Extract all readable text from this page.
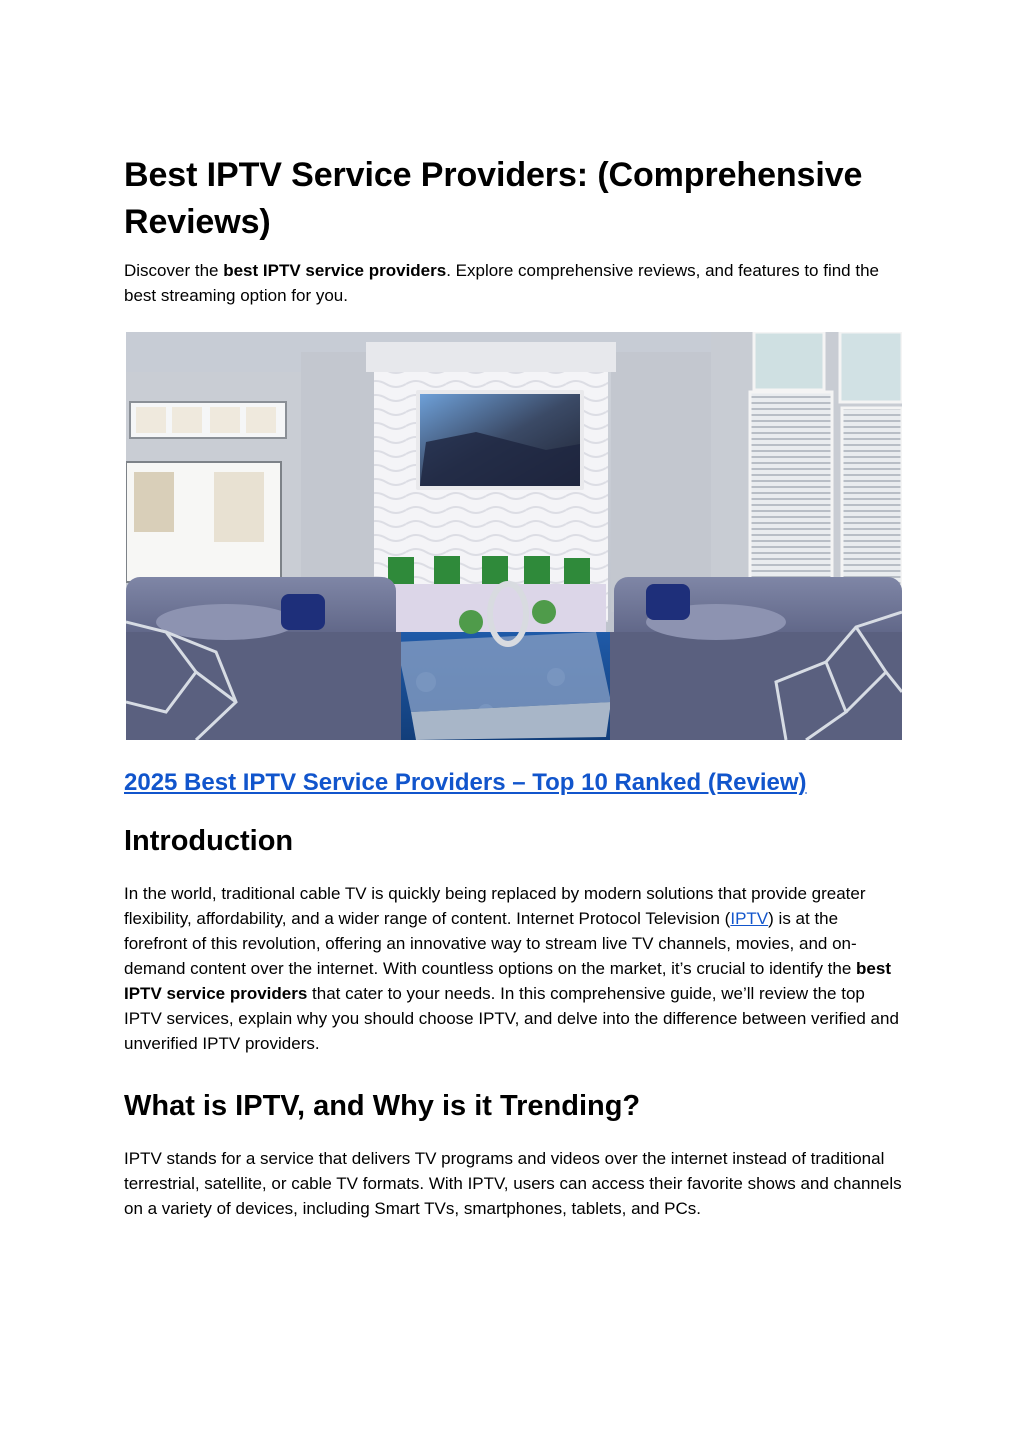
Best IPTV Service Providers: (Comprehensive Reviews)

Discover the best IPTV service providers. Explore comprehensive reviews, and features to find the best streaming option for you.

2025 Best IPTV Service Providers – Top 10 Ranked (Review)
Introduction

In the world, traditional cable TV is quickly being replaced by modern solutions that provide greater flexibility, affordability, and a wider range of content. Internet Protocol Television (IPTV) is at the forefront of this revolution, offering an innovative way to stream live TV channels, movies, and on-demand content over the internet. With countless options on the market, it’s crucial to identify the best IPTV service providers that cater to your needs. In this comprehensive guide, we’ll review the top IPTV services, explain why you should choose IPTV, and delve into the difference between verified and unverified IPTV providers.

What is IPTV, and Why is it Trending?

IPTV stands for a service that delivers TV programs and videos over the internet instead of traditional terrestrial, satellite, or cable TV formats. With IPTV, users can access their favorite shows and channels on a variety of devices, including Smart TVs, smartphones, tablets, and PCs.
